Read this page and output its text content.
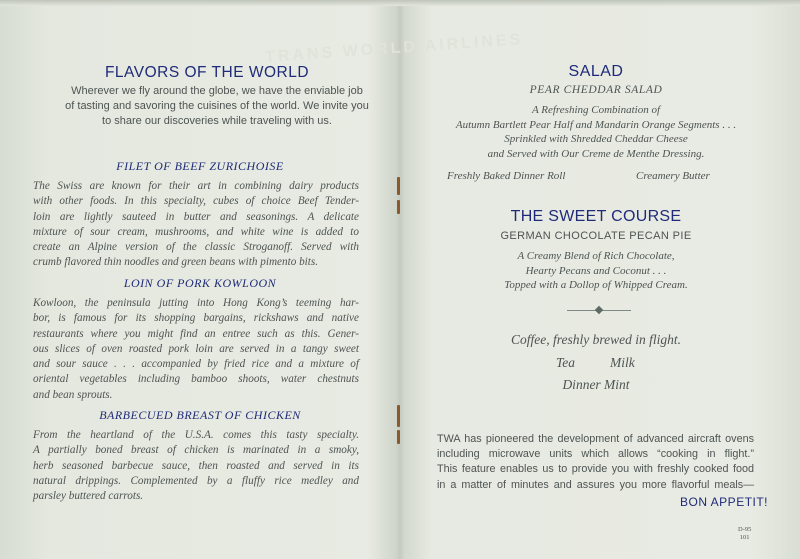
TRANS WORLD AIRLINES
FLAVORS OF THE WORLD
Wherever we fly around the globe, we have the enviable job
of tasting and savoring the cuisines of the world. We invite you
to share our discoveries while traveling with us.
FILET OF BEEF ZURICHOISE
The Swiss are known for their art in combining dairy products
with other foods. In this specialty, cubes of choice Beef Tender-
loin are lightly sauteed in butter and seasonings. A delicate
mixture of sour cream, mushrooms, and white wine is added to
create an Alpine version of the classic Stroganoff. Served with
crumb flavored thin noodles and green beans with pimento bits.
LOIN OF PORK KOWLOON
Kowloon, the peninsula jutting into Hong Kong’s teeming har-
bor, is famous for its shopping bargains, rickshaws and native
restaurants where you might find an entree such as this. Gener-
ous slices of oven roasted pork loin are served in a tangy sweet
and sour sauce . . . accompanied by fried rice and a mixture of
oriental vegetables including bamboo shoots, water chestnuts
and bean sprouts.
BARBECUED BREAST OF CHICKEN
From the heartland of the U.S.A. comes this tasty specialty.
A partially boned breast of chicken is marinated in a smoky,
herb seasoned barbecue sauce, then roasted and served in its
natural drippings. Complemented by a fluffy rice medley and
parsley buttered carrots.
SALAD
PEAR CHEDDAR SALAD
A Refreshing Combination of
Autumn Bartlett Pear Half and Mandarin Orange Segments . . .
Sprinkled with Shredded Cheddar Cheese
and Served with Our Creme de Menthe Dressing.
Freshly Baked Dinner Roll	Creamery Butter
THE SWEET COURSE
GERMAN CHOCOLATE PECAN PIE
A Creamy Blend of Rich Chocolate,
Hearty Pecans and Coconut . . .
Topped with a Dollop of Whipped Cream.
Coffee, freshly brewed in flight.
Tea	Milk
Dinner Mint
TWA has pioneered the development of advanced aircraft ovens
including microwave units which allows “cooking in flight.”
This feature enables us to provide you with freshly cooked food
in a matter of minutes and assures you more flavorful meals—
BON APPETIT!
D-95
101
